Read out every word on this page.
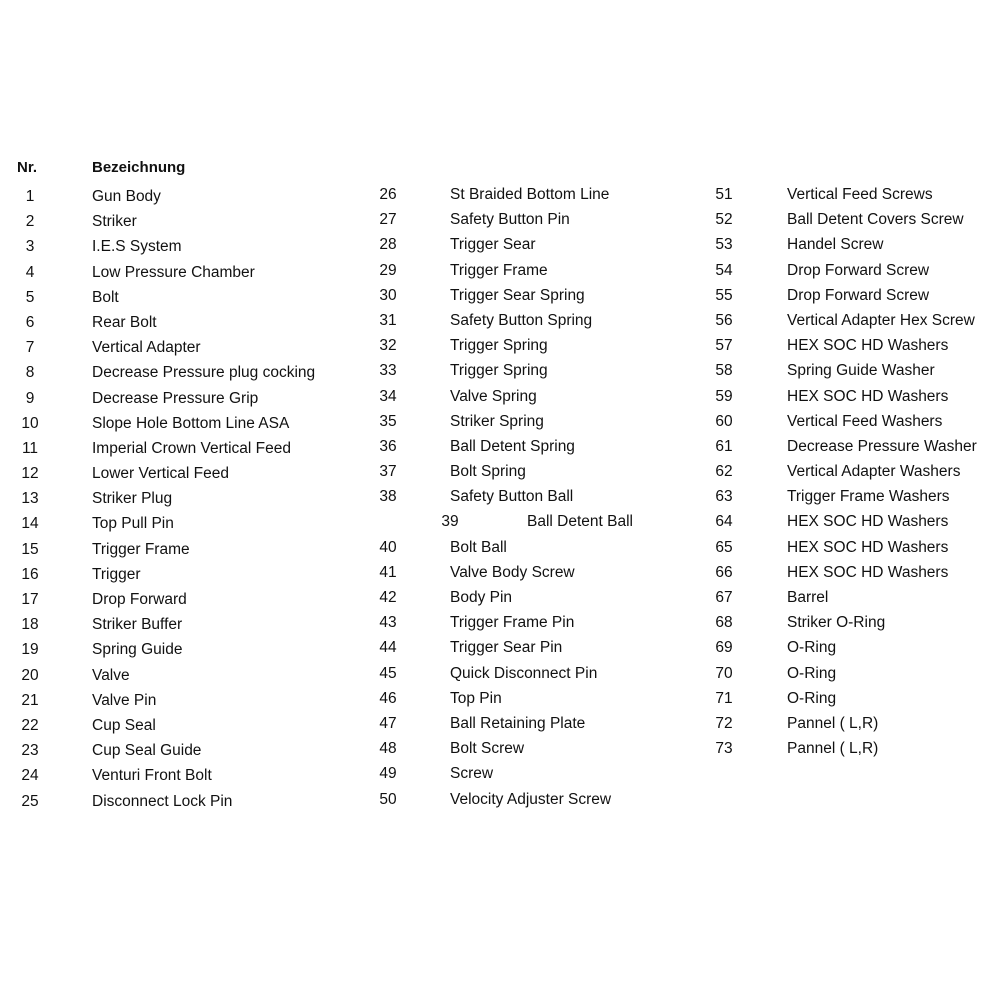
Nr.	Bezeichnung
1	Gun Body
2	Striker
3	I.E.S System
4	Low Pressure Chamber
5	Bolt
6	Rear Bolt
7	Vertical Adapter
8	Decrease Pressure plug cocking
9	Decrease Pressure Grip
10	Slope Hole Bottom Line ASA
11	Imperial Crown Vertical Feed
12	Lower Vertical Feed
13	Striker Plug
14	Top Pull Pin
15	Trigger Frame
16	Trigger
17	Drop Forward
18	Striker Buffer
19	Spring Guide
20	Valve
21	Valve Pin
22	Cup Seal
23	Cup Seal Guide
24	Venturi Front Bolt
25	Disconnect Lock Pin
26	St Braided Bottom Line
27	Safety Button Pin
28	Trigger Sear
29	Trigger Frame
30	Trigger Sear Spring
31	Safety Button Spring
32	Trigger Spring
33	Trigger Spring
34	Valve Spring
35	Striker Spring
36	Ball Detent Spring
37	Bolt Spring
38	Safety Button Ball
39	Ball Detent Ball
40	Bolt Ball
41	Valve Body Screw
42	Body Pin
43	Trigger Frame Pin
44	Trigger Sear Pin
45	Quick Disconnect Pin
46	Top Pin
47	Ball Retaining Plate
48	Bolt Screw
49	Screw
50	Velocity Adjuster Screw
51	Vertical Feed Screws
52	Ball Detent Covers Screw
53	Handel Screw
54	Drop Forward Screw
55	Drop Forward Screw
56	Vertical Adapter Hex Screw
57	HEX SOC HD Washers
58	Spring Guide Washer
59	HEX SOC HD Washers
60	Vertical Feed Washers
61	Decrease Pressure Washer
62	Vertical Adapter Washers
63	Trigger Frame Washers
64	HEX SOC HD Washers
65	HEX SOC HD Washers
66	HEX SOC HD Washers
67	Barrel
68	Striker O-Ring
69	O-Ring
70	O-Ring
71	O-Ring
72	Pannel ( L,R)
73	Pannel ( L,R)
